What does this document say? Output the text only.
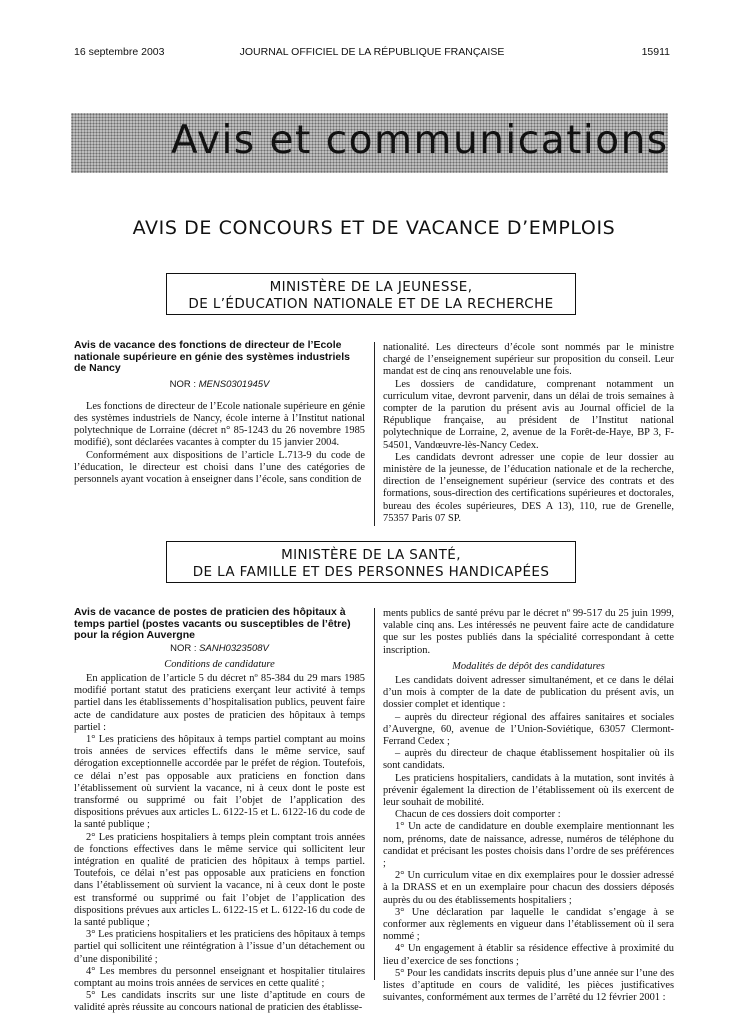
16 septembre 2003	JOURNAL OFFICIEL DE LA RÉPUBLIQUE FRANÇAISE	15911
Avis et communications
AVIS DE CONCOURS ET DE VACANCE D’EMPLOIS
MINISTÈRE DE LA JEUNESSE,
DE L’ÉDUCATION NATIONALE ET DE LA RECHERCHE

Avis de vacance des fonctions de directeur de l’Ecole nationale supérieure en génie des systèmes industriels de Nancy

NOR : MENS0301945V

Les fonctions de directeur de l’Ecole nationale supérieure en génie des systèmes industriels de Nancy, école interne à l’Institut national polytechnique de Lorraine (décret n° 85-1243 du 26 novembre 1985 modifié), sont déclarées vacantes à compter du 15 janvier 2004.

Conformément aux dispositions de l’article L.713-9 du code de l’éducation, le directeur est choisi dans l’une des catégories de personnels ayant vocation à enseigner dans l’école, sans condition de

nationalité. Les directeurs d’école sont nommés par le ministre chargé de l’enseignement supérieur sur proposition du conseil. Leur mandat est de cinq ans renouvelable une fois.

Les dossiers de candidature, comprenant notamment un curriculum vitae, devront parvenir, dans un délai de trois semaines à compter de la parution du présent avis au Journal officiel de la République française, au président de l’Institut national polytechnique de Lorraine, 2, avenue de la Forêt-de-Haye, BP 3, F-54501, Vandœuvre-lès-Nancy Cedex.

Les candidats devront adresser une copie de leur dossier au ministère de la jeunesse, de l’éducation nationale et de la recherche, direction de l’enseignement supérieur (service des contrats et des formations, sous-direction des certifications supérieures et doctorales, bureau des écoles supérieures, DES A 13), 110, rue de Grenelle, 75357 Paris 07 SP.

MINISTÈRE DE LA SANTÉ,
DE LA FAMILLE ET DES PERSONNES HANDICAPÉES

Avis de vacance de postes de praticien des hôpitaux à temps partiel (postes vacants ou susceptibles de l’être) pour la région Auvergne

NOR : SANH0323508V
Conditions de candidature

En application de l’article 5 du décret nº 85-384 du 29 mars 1985 modifié portant statut des praticiens exerçant leur activité à temps partiel dans les établissements d’hospitalisation publics, peuvent faire acte de candidature aux postes de praticien des hôpitaux à temps partiel :

1° Les praticiens des hôpitaux à temps partiel comptant au moins trois années de services effectifs dans le même service, sauf dérogation exceptionnelle accordée par le préfet de région. Toutefois, ce délai n’est pas opposable aux praticiens en fonction dans l’établissement où survient la vacance, ni à ceux dont le poste est transformé ou supprimé ou fait l’objet de l’application des dispositions prévues aux articles L. 6122-15 et L. 6122-16 du code de la santé publique ;

2° Les praticiens hospitaliers à temps plein comptant trois années de fonctions effectives dans le même service qui sollicitent leur intégration en qualité de praticien des hôpitaux à temps partiel. Toutefois, ce délai n’est pas opposable aux praticiens en fonction dans l’établissement où survient la vacance, ni à ceux dont le poste est transformé ou supprimé ou fait l’objet de l’application des dispositions prévues aux articles L. 6122-15 et L. 6122-16 du code de la santé publique ;

3° Les praticiens hospitaliers et les praticiens des hôpitaux à temps partiel qui sollicitent une réintégration à l’issue d’un détachement ou d’une disponibilité ;

4° Les membres du personnel enseignant et hospitalier titulaires comptant au moins trois années de services en cette qualité ;

5° Les candidats inscrits sur une liste d’aptitude en cours de validité après réussite au concours national de praticien des établisse-

ments publics de santé prévu par le décret nº 99-517 du 25 juin 1999, valable cinq ans. Les intéressés ne peuvent faire acte de candidature que sur les postes publiés dans la spécialité correspondant à cette inscription.

Modalités de dépôt des candidatures

Les candidats doivent adresser simultanément, et ce dans le délai d’un mois à compter de la date de publication du présent avis, un dossier complet et identique :

– auprès du directeur régional des affaires sanitaires et sociales d’Auvergne, 60, avenue de l’Union-Soviétique, 63057 Clermont-Ferrand Cedex ;

– auprès du directeur de chaque établissement hospitalier où ils sont candidats.

Les praticiens hospitaliers, candidats à la mutation, sont invités à prévenir également la direction de l’établissement où ils exercent de leur souhait de mobilité.

Chacun de ces dossiers doit comporter :

1° Un acte de candidature en double exemplaire mentionnant les nom, prénoms, date de naissance, adresse, numéros de téléphone du candidat et précisant les postes choisis dans l’ordre de ses préférences ;

2° Un curriculum vitae en dix exemplaires pour le dossier adressé à la DRASS et en un exemplaire pour chacun des dossiers déposés auprès du ou des établissements hospitaliers ;

3° Une déclaration par laquelle le candidat s’engage à se conformer aux règlements en vigueur dans l’établissement où il sera nommé ;

4° Un engagement à établir sa résidence effective à proximité du lieu d’exercice de ses fonctions ;

5° Pour les candidats inscrits depuis plus d’une année sur l’une des listes d’aptitude en cours de validité, les pièces justificatives suivantes, conformément aux termes de l’arrêté du 12 février 2001 :
